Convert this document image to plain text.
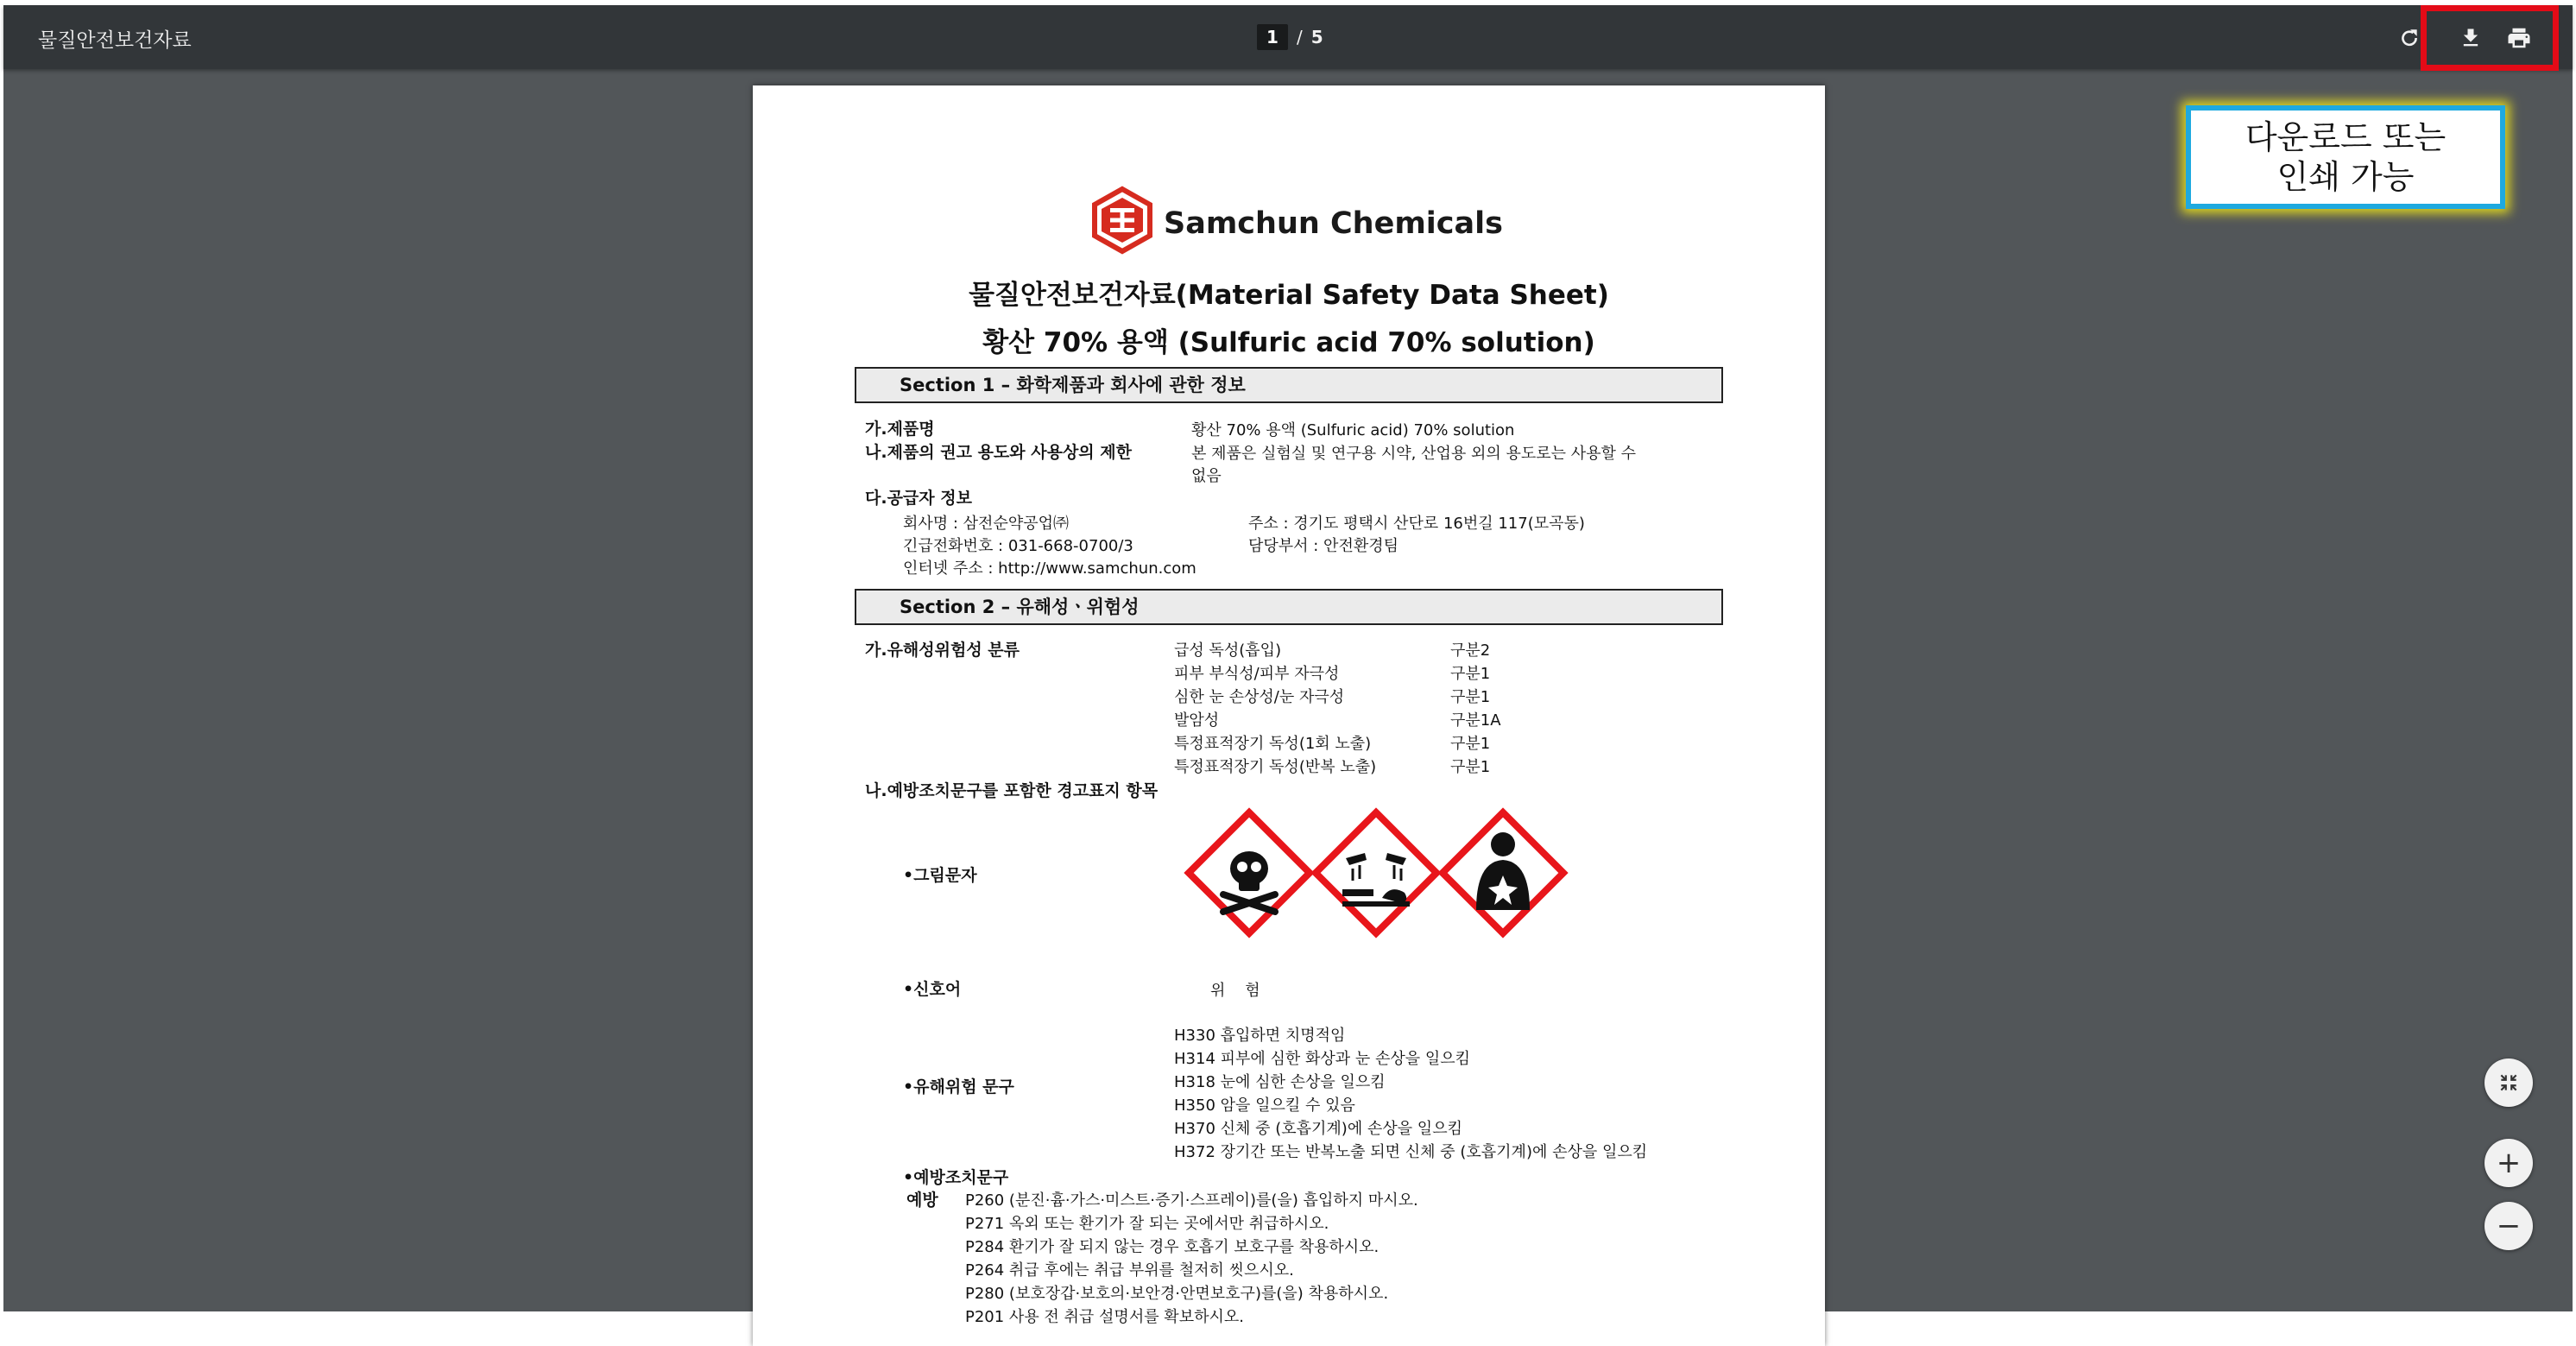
물질안전보건자료	1	/ 5
다운로드 또는
인쇄 가능
Samchun Chemicals
물질안전보건자료(Material Safety Data Sheet)
황산 70% 용액 (Sulfuric acid 70% solution)
Section 1 – 화학제품과 회사에 관한 정보
가.제품명	황산 70% 용액 (Sulfuric acid) 70% solution
나.제품의 권고 용도와 사용상의 제한	본 제품은 실험실 및 연구용 시약, 산업용 외의 용도로는 사용할 수
없음
다.공급자 정보
회사명 : 삼전순약공업㈜	주소 : 경기도 평택시 산단로 16번길 117(모곡동)
긴급전화번호 : 031-668-0700/3	담당부서 : 안전환경팀
인터넷 주소 : http://www.samchun.com
Section 2 – 유해성ㆍ위험성
가.유해성위험성 분류	급성 독성(흡입)	구분2
피부 부식성/피부 자극성	구분1
심한 눈 손상성/눈 자극성	구분1
발암성	구분1A
특정표적장기 독성(1회 노출)	구분1
특정표적장기 독성(반복 노출)	구분1
나.예방조치문구를 포함한 경고표지 항목
•그림문자
•신호어	위    험
H330 흡입하면 치명적임
H314 피부에 심한 화상과 눈 손상을 일으킴
H318 눈에 심한 손상을 일으킴
H350 암을 일으킬 수 있음
H370 신체 중 (호흡기계)에 손상을 일으킴
H372 장기간 또는 반복노출 되면 신체 중 (호흡기계)에 손상을 일으킴
•유해위험 문구
•예방조치문구
예방 P260 (분진·흄·가스·미스트·증기·스프레이)를(을) 흡입하지 마시오.
P271 옥외 또는 환기가 잘 되는 곳에서만 취급하시오.
P284 환기가 잘 되지 않는 경우 호흡기 보호구를 착용하시오.
P264 취급 후에는 취급 부위를 철저히 씻으시오.
P280 (보호장갑·보호의·보안경·안면보호구)를(을) 착용하시오.
P201 사용 전 취급 설명서를 확보하시오.
+
−
